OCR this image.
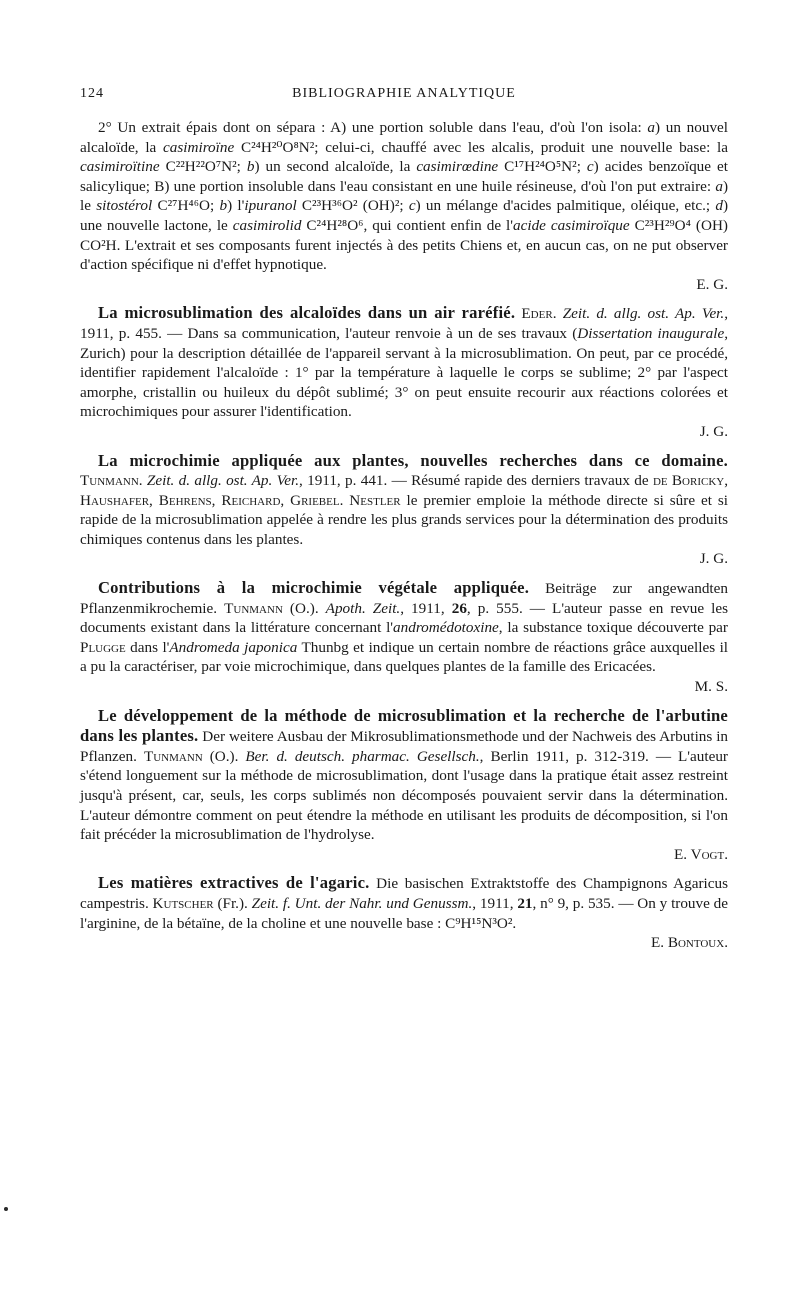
124	BIBLIOGRAPHIE ANALYTIQUE

2° Un extrait épais dont on sépara : A) une portion soluble dans l'eau, d'où l'on isola: a) un nouvel alcaloïde, la casimiroïne C²⁴H²⁰O⁸N²; celui-ci, chauffé avec les alcalis, produit une nouvelle base: la casimiroïtine C²²H²²O⁷N²; b) un second alcaloïde, la casimirœdine C¹⁷H²⁴O⁵N²; c) acides benzoïque et salicylique; B) une portion insoluble dans l'eau consistant en une huile résineuse, d'où l'on put extraire: a) le sitostérol C²⁷H⁴⁶O; b) l'ipuranol C²³H³⁶O² (OH)²; c) un mélange d'acides palmitique, oléique, etc.; d) une nouvelle lactone, le casimirolid C²⁴H²⁸O⁶, qui contient enfin de l'acide casimiroïque C²³H²⁹O⁴ (OH) CO²H. L'extrait et ses composants furent injectés à des petits Chiens et, en aucun cas, on ne put observer d'action spécifique ni d'effet hypnotique.

E. G.

La microsublimation des alcaloïdes dans un air raréfié. Eder. Zeit. d. allg. ost. Ap. Ver., 1911, p. 455. — Dans sa communication, l'auteur renvoie à un de ses travaux (Dissertation inaugurale, Zurich) pour la description détaillée de l'appareil servant à la microsublimation. On peut, par ce procédé, identifier rapidement l'alcaloïde : 1° par la température à laquelle le corps se sublime; 2° par l'aspect amorphe, cristallin ou huileux du dépôt sublimé; 3° on peut ensuite recourir aux réactions colorées et microchimiques pour assurer l'identification.

J. G.

La microchimie appliquée aux plantes, nouvelles recherches dans ce domaine. Tunmann. Zeit. d. allg. ost. Ap. Ver., 1911, p. 441. — Résumé rapide des derniers travaux de de Boricky, Haushafer, Behrens, Reichard, Griebel. Nestler le premier emploie la méthode directe si sûre et si rapide de la microsublimation appelée à rendre les plus grands services pour la détermination des produits chimiques contenus dans les plantes.

J. G.

Contributions à la microchimie végétale appliquée. Beiträge zur angewandten Pflanzenmikrochemie. Tunmann (O.). Apoth. Zeit., 1911, 26, p. 555. — L'auteur passe en revue les documents existant dans la littérature concernant l'andromédotoxine, la substance toxique découverte par Plugge dans l'Andromeda japonica Thunbg et indique un certain nombre de réactions grâce auxquelles il a pu la caractériser, par voie microchimique, dans quelques plantes de la famille des Ericacées.

M. S.

Le développement de la méthode de microsublimation et la recherche de l'arbutine dans les plantes. Der weitere Ausbau der Mikrosublimationsmethode und der Nachweis des Arbutins in Pflanzen. Tunmann (O.). Ber. d. deutsch. pharmac. Gesellsch., Berlin 1911, p. 312-319. — L'auteur s'étend longuement sur la méthode de microsublimation, dont l'usage dans la pratique était assez restreint jusqu'à présent, car, seuls, les corps sublimés non décomposés pouvaient servir dans la détermination. L'auteur démontre comment on peut étendre la méthode en utilisant les produits de décomposition, si l'on fait précéder la microsublimation de l'hydrolyse.

E. Vogt.

Les matières extractives de l'agaric. Die basischen Extraktstoffe des Champignons Agaricus campestris. Kutscher (Fr.). Zeit. f. Unt. der Nahr. und Genussm., 1911, 21, n° 9, p. 535. — On y trouve de l'arginine, de la bétaïne, de la choline et une nouvelle base : C⁹H¹⁵N³O².

E. Bontoux.
